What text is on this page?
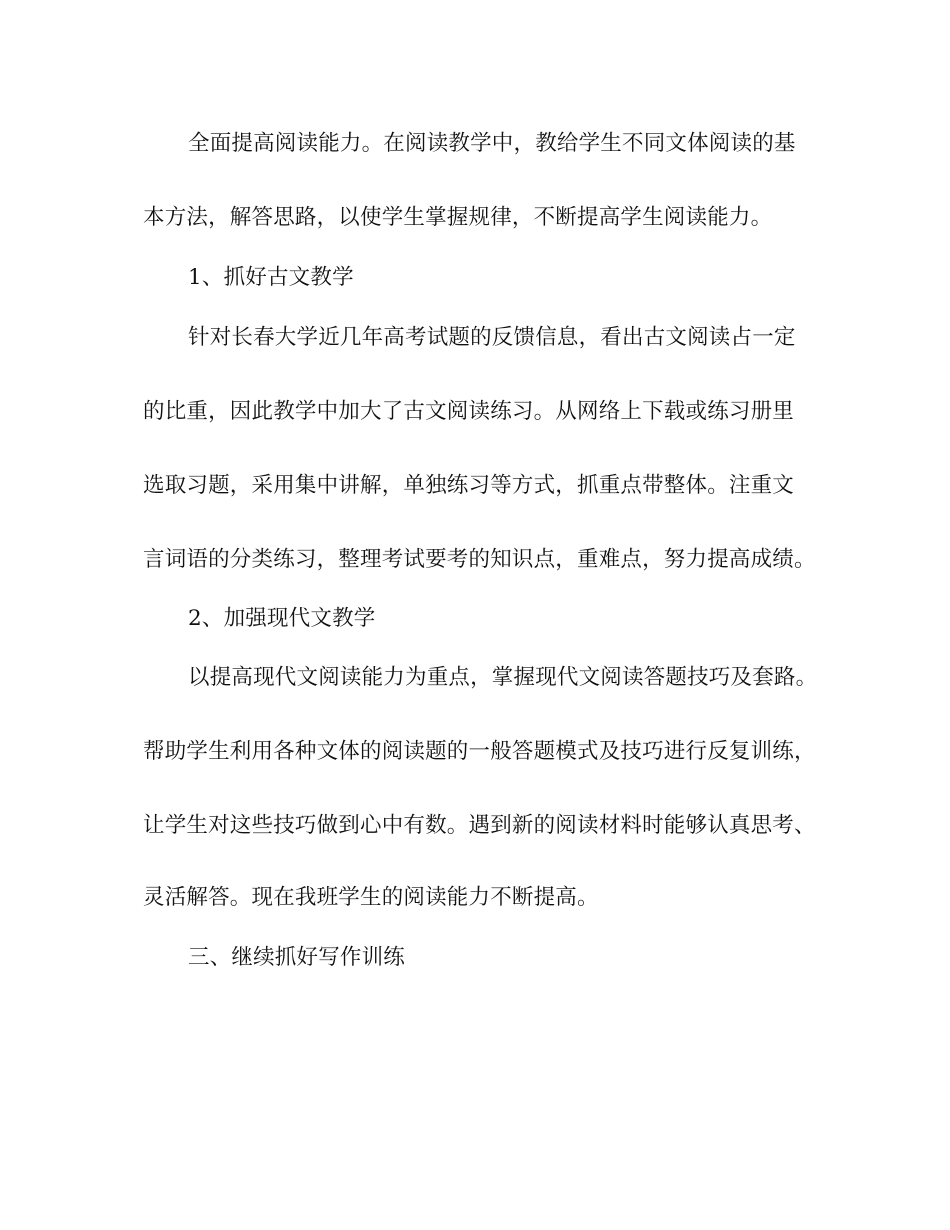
全面提高阅读能力。在阅读教学中，教给学生不同文体阅读的基
本方法，解答思路，以使学生掌握规律，不断提高学生阅读能力。
1、抓好古文教学
针对长春大学近几年高考试题的反馈信息，看出古文阅读占一定
的比重，因此教学中加大了古文阅读练习。从网络上下载或练习册里
选取习题，采用集中讲解，单独练习等方式，抓重点带整体。注重文
言词语的分类练习，整理考试要考的知识点，重难点，努力提高成绩。
2、加强现代文教学
以提高现代文阅读能力为重点，掌握现代文阅读答题技巧及套路。
帮助学生利用各种文体的阅读题的一般答题模式及技巧进行反复训练，
让学生对这些技巧做到心中有数。遇到新的阅读材料时能够认真思考、
灵活解答。现在我班学生的阅读能力不断提高。
三、继续抓好写作训练
